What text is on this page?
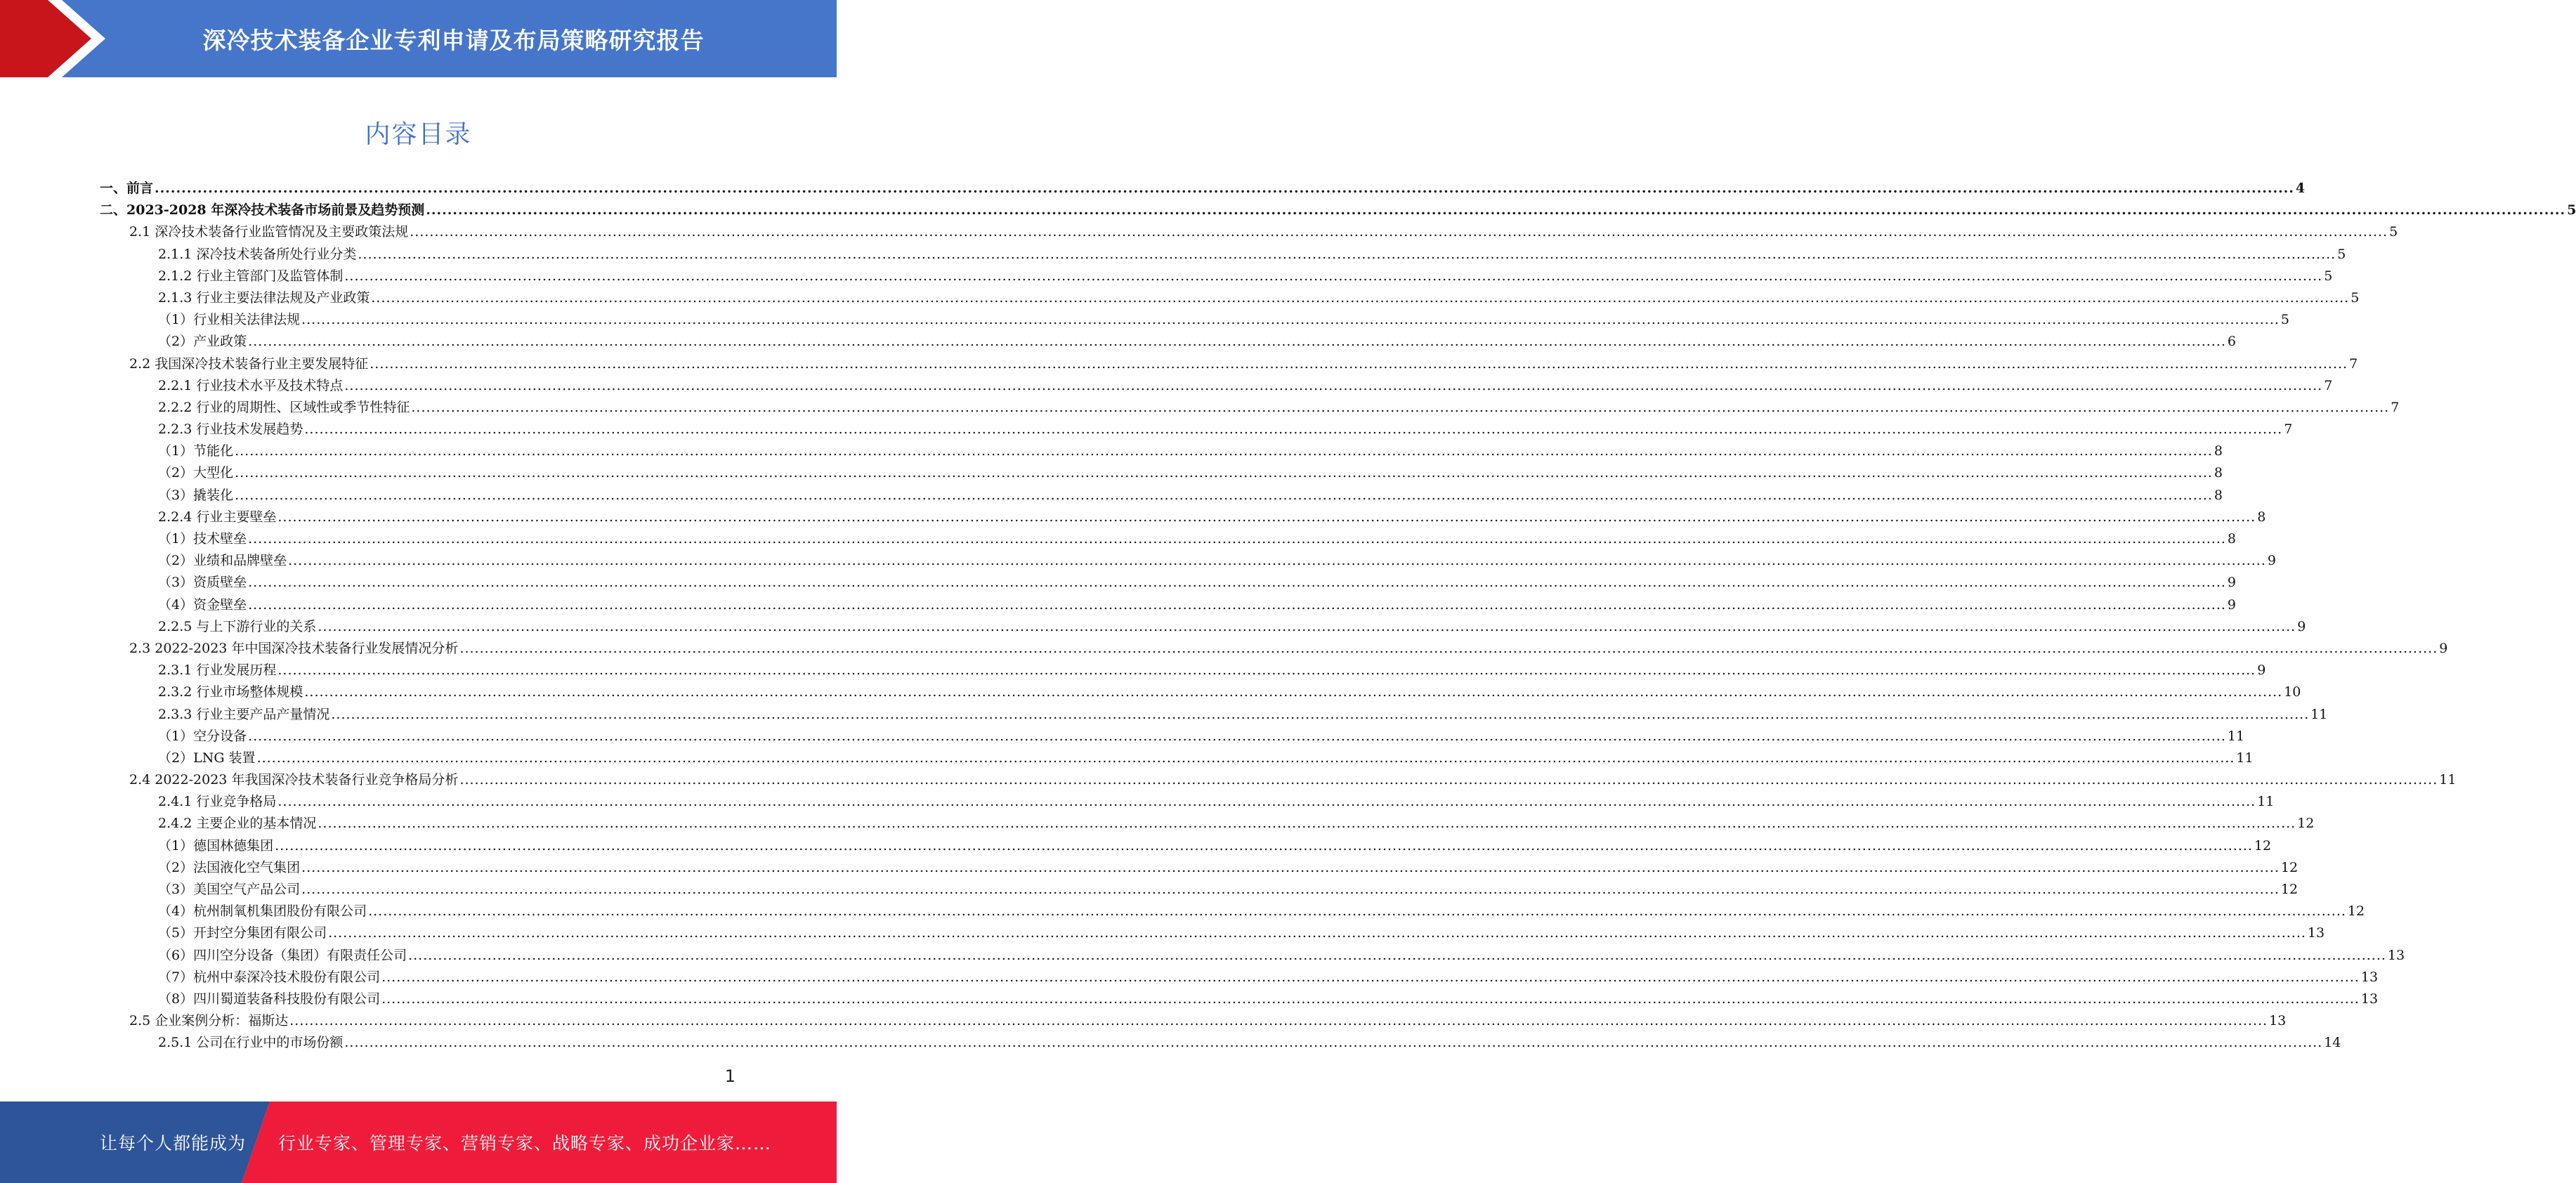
深冷技术装备企业专利申请及布局策略研究报告
内容目录
一、前言 ................................................................................................................................................................................................................................................................................................................................................................................................................ 4
二、2023-2028 年深冷技术装备市场前景及趋势预测 ................................................................................................................................................................................................................................................................................................................................................................................................................ 5
2.1 深冷技术装备行业监管情况及主要政策法规 ................................................................................................................................................................................................................................................................................................................................................................................................................ 5
2.1.1 深冷技术装备所处行业分类 ................................................................................................................................................................................................................................................................................................................................................................................................................ 5
2.1.2 行业主管部门及监管体制 ................................................................................................................................................................................................................................................................................................................................................................................................................ 5
2.1.3 行业主要法律法规及产业政策 ................................................................................................................................................................................................................................................................................................................................................................................................................ 5
（1）行业相关法律法规 ................................................................................................................................................................................................................................................................................................................................................................................................................ 5
（2）产业政策 ................................................................................................................................................................................................................................................................................................................................................................................................................ 6
2.2 我国深冷技术装备行业主要发展特征 ................................................................................................................................................................................................................................................................................................................................................................................................................ 7
2.2.1 行业技术水平及技术特点 ................................................................................................................................................................................................................................................................................................................................................................................................................ 7
2.2.2 行业的周期性、区域性或季节性特征 ................................................................................................................................................................................................................................................................................................................................................................................................................ 7
2.2.3 行业技术发展趋势 ................................................................................................................................................................................................................................................................................................................................................................................................................ 7
（1）节能化 ................................................................................................................................................................................................................................................................................................................................................................................................................ 8
（2）大型化 ................................................................................................................................................................................................................................................................................................................................................................................................................ 8
（3）撬装化 ................................................................................................................................................................................................................................................................................................................................................................................................................ 8
2.2.4 行业主要壁垒 ................................................................................................................................................................................................................................................................................................................................................................................................................ 8
（1）技术壁垒 ................................................................................................................................................................................................................................................................................................................................................................................................................ 8
（2）业绩和品牌壁垒 ................................................................................................................................................................................................................................................................................................................................................................................................................ 9
（3）资质壁垒 ................................................................................................................................................................................................................................................................................................................................................................................................................ 9
（4）资金壁垒 ................................................................................................................................................................................................................................................................................................................................................................................................................ 9
2.2.5 与上下游行业的关系 ................................................................................................................................................................................................................................................................................................................................................................................................................ 9
2.3 2022-2023 年中国深冷技术装备行业发展情况分析 ................................................................................................................................................................................................................................................................................................................................................................................................................ 9
2.3.1 行业发展历程 ................................................................................................................................................................................................................................................................................................................................................................................................................ 9
2.3.2 行业市场整体规模 ................................................................................................................................................................................................................................................................................................................................................................................................................ 10
2.3.3 行业主要产品产量情况 ................................................................................................................................................................................................................................................................................................................................................................................................................ 11
（1）空分设备 ................................................................................................................................................................................................................................................................................................................................................................................................................ 11
（2）LNG 装置 ................................................................................................................................................................................................................................................................................................................................................................................................................ 11
2.4 2022-2023 年我国深冷技术装备行业竞争格局分析 ................................................................................................................................................................................................................................................................................................................................................................................................................ 11
2.4.1 行业竞争格局 ................................................................................................................................................................................................................................................................................................................................................................................................................ 11
2.4.2 主要企业的基本情况 ................................................................................................................................................................................................................................................................................................................................................................................................................ 12
（1）德国林德集团 ................................................................................................................................................................................................................................................................................................................................................................................................................ 12
（2）法国液化空气集团 ................................................................................................................................................................................................................................................................................................................................................................................................................ 12
（3）美国空气产品公司 ................................................................................................................................................................................................................................................................................................................................................................................................................ 12
（4）杭州制氧机集团股份有限公司 ................................................................................................................................................................................................................................................................................................................................................................................................................ 12
（5）开封空分集团有限公司 ................................................................................................................................................................................................................................................................................................................................................................................................................ 13
（6）四川空分设备（集团）有限责任公司 ................................................................................................................................................................................................................................................................................................................................................................................................................ 13
（7）杭州中泰深冷技术股份有限公司 ................................................................................................................................................................................................................................................................................................................................................................................................................ 13
（8）四川蜀道装备科技股份有限公司 ................................................................................................................................................................................................................................................................................................................................................................................................................ 13
2.5 企业案例分析：福斯达 ................................................................................................................................................................................................................................................................................................................................................................................................................ 13
2.5.1 公司在行业中的市场份额 ................................................................................................................................................................................................................................................................................................................................................................................................................ 14
1
让每个人都能成为 行业专家、管理专家、营销专家、战略专家、成功企业家……
